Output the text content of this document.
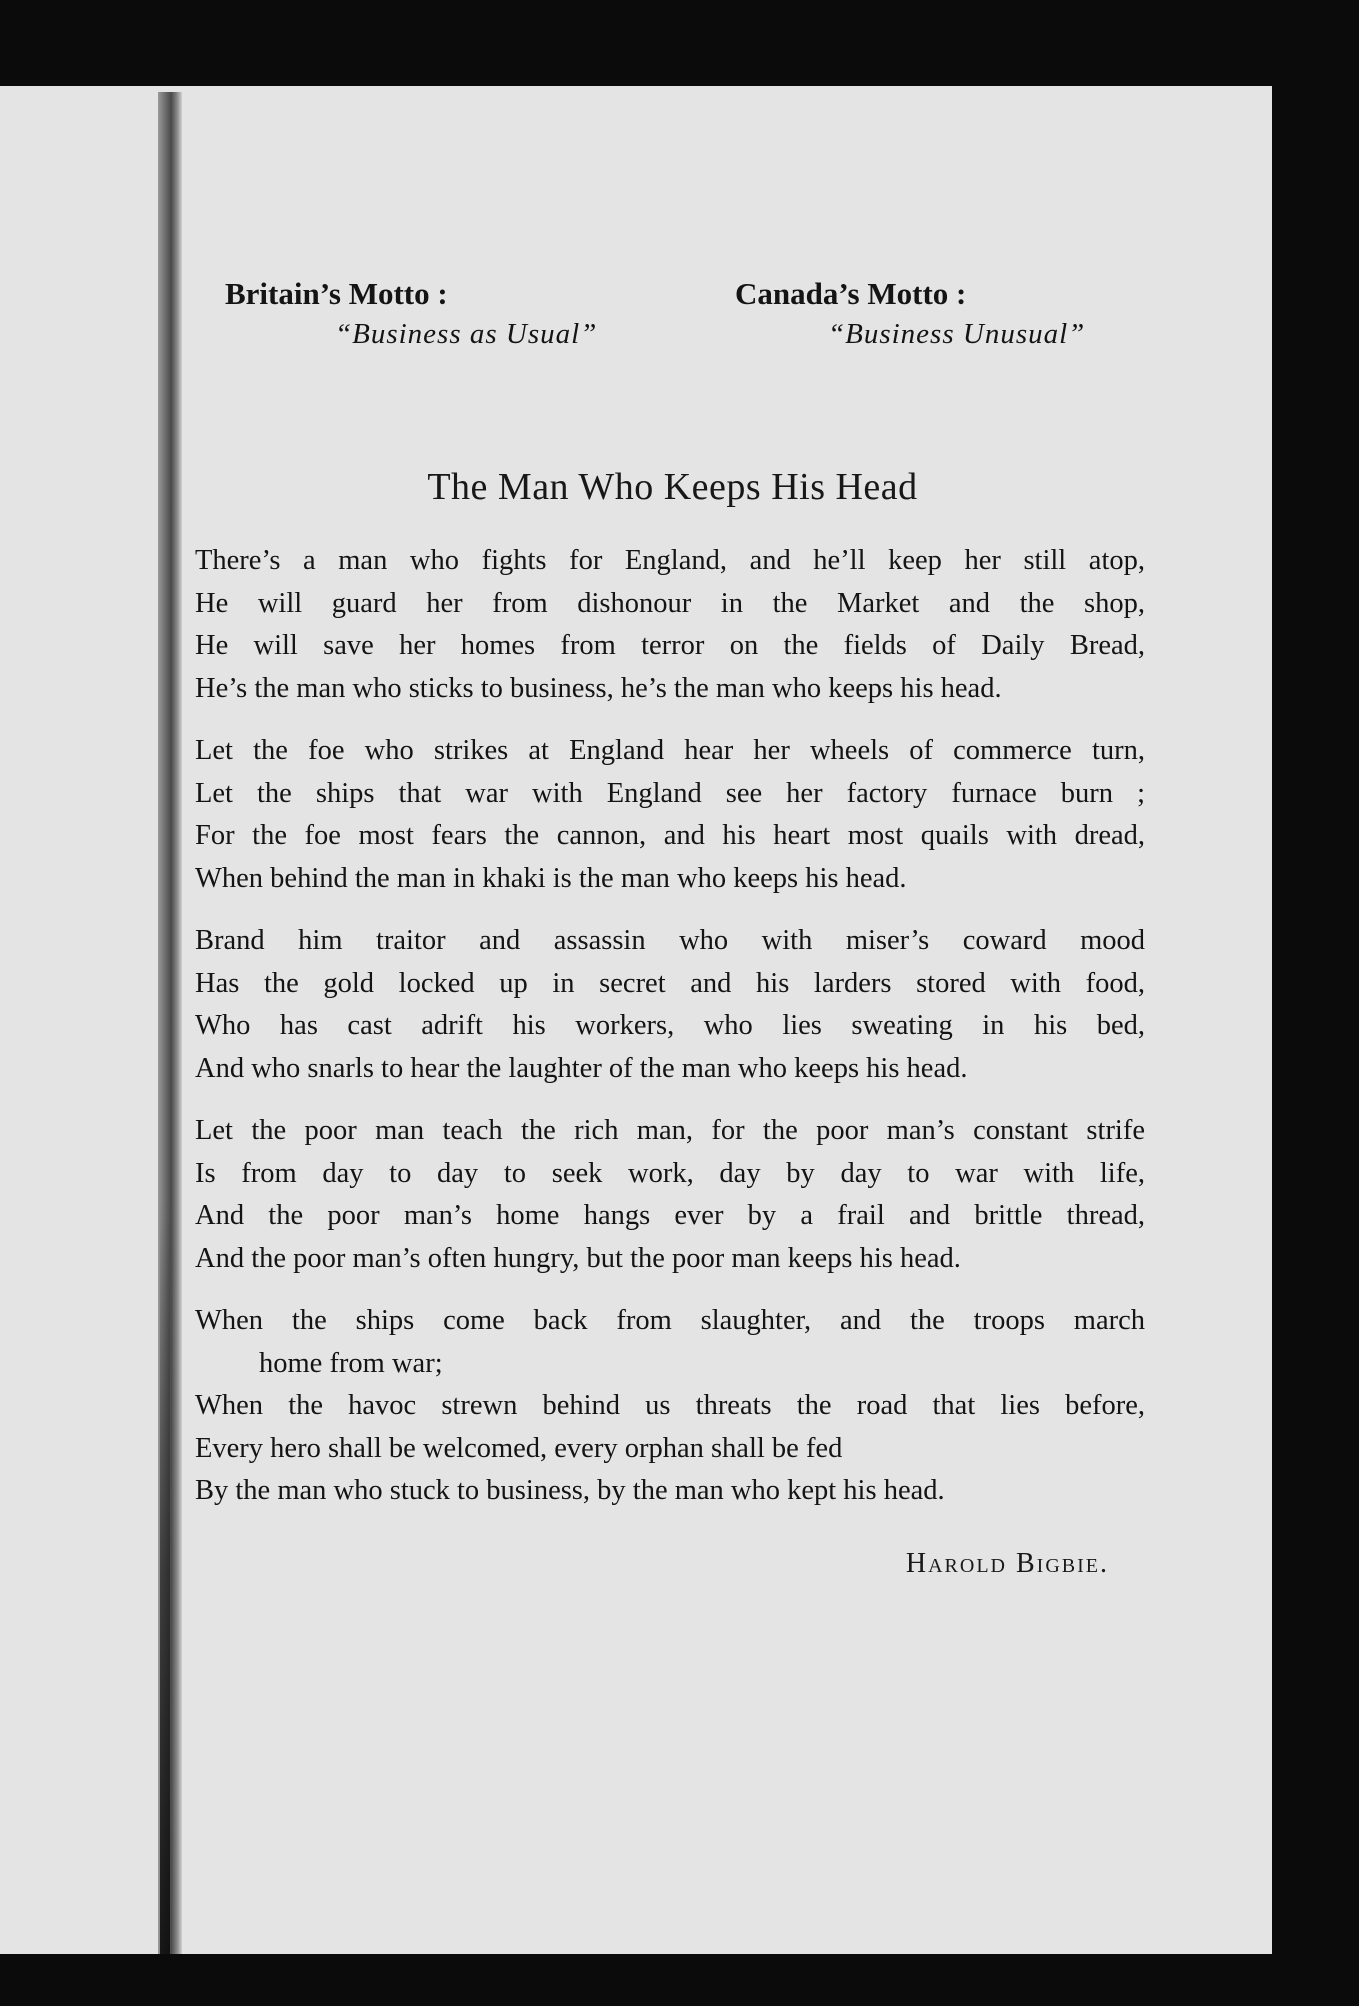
Britain’s Motto :
“Business as Usual”
Canada’s Motto :
“Business Unusual”
The Man Who Keeps His Head
There’s a man who fights for England, and he’ll keep her still atop,
He will guard her from dishonour in the Market and the shop,
He will save her homes from terror on the fields of Daily Bread,
He’s the man who sticks to business, he’s the man who keeps his head.
Let the foe who strikes at England hear her wheels of commerce turn,
Let the ships that war with England see her factory furnace burn ;
For the foe most fears the cannon, and his heart most quails with dread,
When behind the man in khaki is the man who keeps his head.
Brand him traitor and assassin who with miser’s coward mood
Has the gold locked up in secret and his larders stored with food,
Who has cast adrift his workers, who lies sweating in his bed,
And who snarls to hear the laughter of the man who keeps his head.
Let the poor man teach the rich man, for the poor man’s constant strife
Is from day to day to seek work, day by day to war with life,
And the poor man’s home hangs ever by a frail and brittle thread,
And the poor man’s often hungry, but the poor man keeps his head.
When the ships come back from slaughter, and the troops march
home from war;
When the havoc strewn behind us threats the road that lies before,
Every hero shall be welcomed, every orphan shall be fed
By the man who stuck to business, by the man who kept his head.
Harold Bigbie.
